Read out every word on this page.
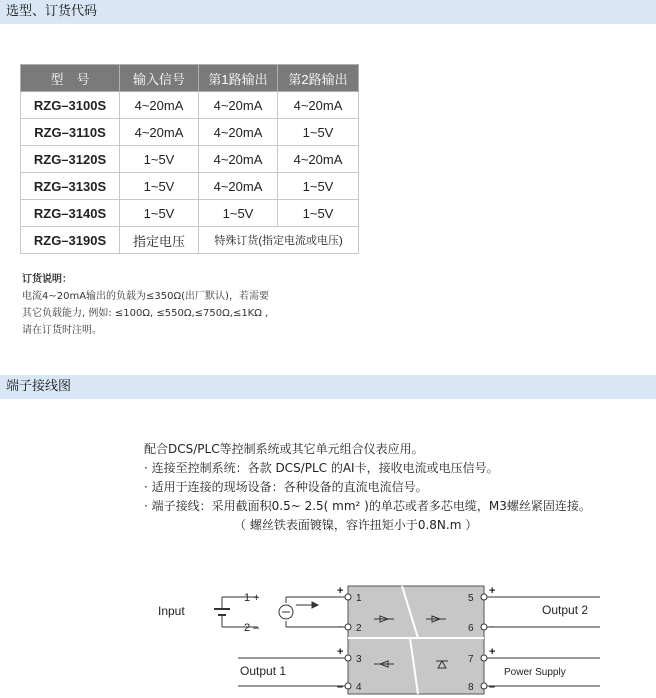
选型、订货代码
型　号	输入信号	第1路输出	第2路输出
RZG–3100S	4~20mA	4~20mA	4~20mA
RZG–3110S	4~20mA	4~20mA	1~5V
RZG–3120S	1~5V	4~20mA	4~20mA
RZG–3130S	1~5V	4~20mA	1~5V
RZG–3140S	1~5V	1~5V	1~5V
RZG–3190S	指定电压	特殊订货(指定电流或电压)	
订货说明：
电流4~20mA输出的负载为≤350Ω(出厂默认)，若需要
其它负载能力, 例如: ≤100Ω, ≤550Ω,≤750Ω,≤1KΩ ,
请在订货时注明。
端子接线图
配合DCS/PLC等控制系统或其它单元组合仪表应用。
· 连接至控制系统：各款 DCS/PLC 的AI卡，接收电流或电压信号。
· 适用于连接的现场设备：各种设备的直流电流信号。
· 端子接线：采用截面积0.5~ 2.5( mm² )的单芯或者多芯电缆，M3螺丝紧固连接。
（ 螺丝铁表面镀镍，容许扭矩小于0.8N.m ）
1
2
3
4
5
6
7
8
+
–
+
–
+
–
+
–
1 +
2 –
Input
Output 1
Output 2
Power Supply
